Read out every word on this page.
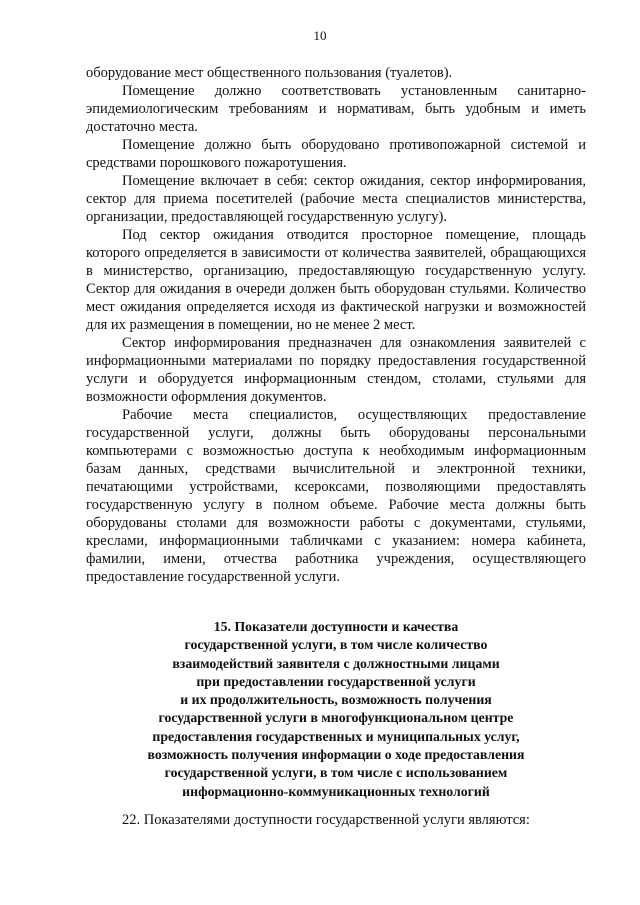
10

оборудование мест общественного пользования (туалетов).

Помещение должно соответствовать установленным санитарно-эпидемиологическим требованиям и нормативам, быть удобным и иметь достаточно места.

Помещение должно быть оборудовано противопожарной системой и средствами порошкового пожаротушения.

Помещение включает в себя: сектор ожидания, сектор информирования, сектор для приема посетителей (рабочие места специалистов министерства, организации, предоставляющей государственную услугу).

Под сектор ожидания отводится просторное помещение, площадь которого определяется в зависимости от количества заявителей, обращающихся в министерство, организацию, предоставляющую государственную услугу. Сектор для ожидания в очереди должен быть оборудован стульями. Количество мест ожидания определяется исходя из фактической нагрузки и возможностей для их размещения в помещении, но не менее 2 мест.

Сектор информирования предназначен для ознакомления заявителей с информационными материалами по порядку предоставления государственной услуги и оборудуется информационным стендом, столами, стульями для возможности оформления документов.

Рабочие места специалистов, осуществляющих предоставление государственной услуги, должны быть оборудованы персональными компьютерами с возможностью доступа к необходимым информационным базам данных, средствами вычислительной и электронной техники, печатающими устройствами, ксероксами, позволяющими предоставлять государственную услугу в полном объеме. Рабочие места должны быть оборудованы столами для возможности работы с документами, стульями, креслами, информационными табличками с указанием: номера кабинета, фамилии, имени, отчества работника учреждения, осуществляющего предоставление государственной услуги.

15. Показатели доступности и качества
государственной услуги, в том числе количество
взаимодействий заявителя с должностными лицами
при предоставлении государственной услуги
и их продолжительность, возможность получения
государственной услуги в многофункциональном центре
предоставления государственных и муниципальных услуг,
возможность получения информации о ходе предоставления
государственной услуги, в том числе с использованием
информационно-коммуникационных технологий

22. Показателями доступности государственной услуги являются:
